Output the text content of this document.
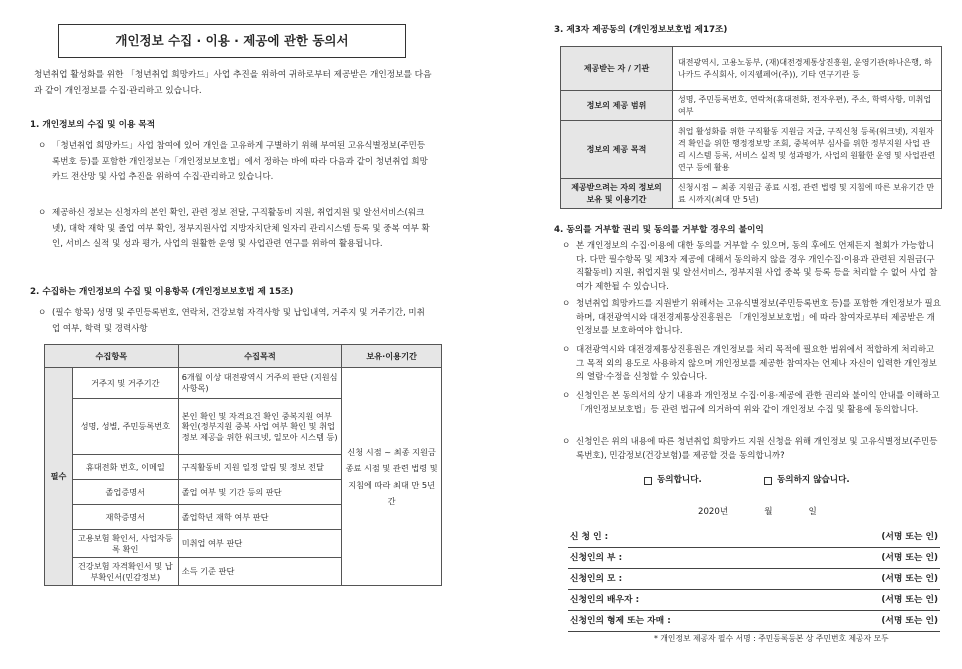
개인정보 수집 · 이용 · 제공에 관한 동의서
청년취업 활성화를 위한 「청년취업 희망카드」사업 추진을 위하여 귀하로부터 제공받은 개인정보를 다음과 같이 개인정보를 수집·관리하고 있습니다.
1. 개인정보의 수집 및 이용 목적
ㅇ 「청년취업 희망카드」사업 참여에 있어 개인을 고유하게 구별하기 위해 부여된 고유식별정보(주민등록번호 등)를 포함한 개인정보는「개인정보보호법」에서 정하는 바에 따라 다음과 같이 청년취업 희망카드 전산망 및 사업 추진을 위하여 수집·관리하고 있습니다.
ㅇ 제공하신 정보는 신청자의 본인 확인, 관련 정보 전달, 구직활동비 지원, 취업지원 및 알선서비스(워크넷), 대학 재학 및 졸업 여부 확인, 정부지원사업 지방자치단체 일자리 관리시스템 등록 및 중복 여부 확인, 서비스 실적 및 성과 평가, 사업의 원활한 운영 및 사업관련 연구를 위하여 활용됩니다.
2. 수집하는 개인정보의 수집 및 이용항목 (개인정보보호법 제 15조)
ㅇ (필수 항목) 성명 및 주민등록번호, 연락처, 건강보험 자격사항 및 납입내역, 거주지 및 거주기간, 미취업 여부, 학력 및 경력사항
수집항목		수집목적	보유·이용기간
필수	거주지 및 거주기간	6개월 이상 대전광역시 거주의 판단 (지원심사항목)	신청 시점 ~ 최종 지원금 종료 시점 및 관련 법령 및 지침에 따라 최대 만 5년간
	성명, 성별, 주민등록번호	본인 확인 및 자격요건 확인 중복지원 여부 확인(정부지원 중복 사업 여부 확인 및 취업정보 제공을 위한 워크넷, 일모아 시스템 등)	
	휴대전화 번호, 이메일	구직활동비 지원 일정 알림 및 정보 전달	
	졸업증명서	졸업 여부 및 기간 등의 판단	
	재학증명서	졸업학년 재학 여부 판단	
	고용보험 확인서, 사업자등록 확인	미취업 여부 판단	
	건강보험 자격확인서 및 납부확인서(민감정보)	소득 기준 판단	
3. 제3자 제공동의 (개인정보보호법 제17조)
제공받는 자 / 기관	대전광역시, 고용노동부, (재)대전경제통상진흥원, 운영기관(하나은행, 하나카드 주식회사, 이지웰페어(주)), 기타 연구기관 등
정보의 제공 범위	성명, 주민등록번호, 연락처(휴대전화, 전자우편), 주소, 학력사항, 미취업 여부
정보의 제공 목적	취업 활성화를 위한 구직활동 지원금 지급, 구직신청 등록(워크넷), 지원자격 확인을 위한 행정정보망 조회, 중복여부 심사를 위한 정부지원 사업 관리 시스템 등록, 서비스 실적 및 성과평가, 사업의 원활한 운영 및 사업관련 연구 등에 활용
제공받으려는 자의 정보의 보유 및 이용기간	신청시점 ~ 최종 지원금 종료 시점, 관련 법령 및 지침에 따른 보유기간 만료 시까지(최대 만 5년)
4. 동의를 거부할 권리 및 동의를 거부할 경우의 불이익
ㅇ 본 개인정보의 수집·이용에 대한 동의를 거부할 수 있으며, 동의 후에도 언제든지 철회가 가능합니다. 다만 필수항목 및 제3자 제공에 대해서 동의하지 않을 경우 개인수집·이용과 관련된 지원금(구직활동비) 지원, 취업지원 및 알선서비스, 정부지원 사업 중복 및 등록 등을 처리할 수 없어 사업 참여가 제한될 수 있습니다.
ㅇ 청년취업 희망카드를 지원받기 위해서는 고유식별정보(주민등록번호 등)를 포함한 개인정보가 필요하며, 대전광역시와 대전경제통상진흥원은 「개인정보보호법」에 따라 참여자로부터 제공받은 개인정보를 보호하여야 합니다.
ㅇ 대전광역시와 대전경제통상진흥원은 개인정보를 처리 목적에 필요한 범위에서 적합하게 처리하고 그 목적 외의 용도로 사용하지 않으며 개인정보를 제공한 참여자는 언제나 자신이 입력한 개인정보의 열람·수정을 신청할 수 있습니다.
ㅇ 신청인은 본 동의서의 상기 내용과 개인정보 수집·이용·제공에 관한 권리와 불이익 안내를 이해하고「개인정보보호법」등 관련 법규에 의거하여 위와 같이 개인정보 수집 및 활용에 동의합니다.
ㅇ 신청인은 위의 내용에 따른 청년취업 희망카드 지원 신청을 위해 개인정보 및 고유식별정보(주민등록번호), 민감정보(건강보험)를 제공할 것을 동의합니까?
동의합니다.	동의하지 않습니다.
2020년	월	일
신 청 인 :	(서명 또는 인)
신청인의 부 :	(서명 또는 인)
신청인의 모 :	(서명 또는 인)
신청인의 배우자 :	(서명 또는 인)
신청인의 형제 또는 자매 :	(서명 또는 인)
* 개인정보 제공자 필수 서명 : 주민등록등본 상 주민번호 제공자 모두
